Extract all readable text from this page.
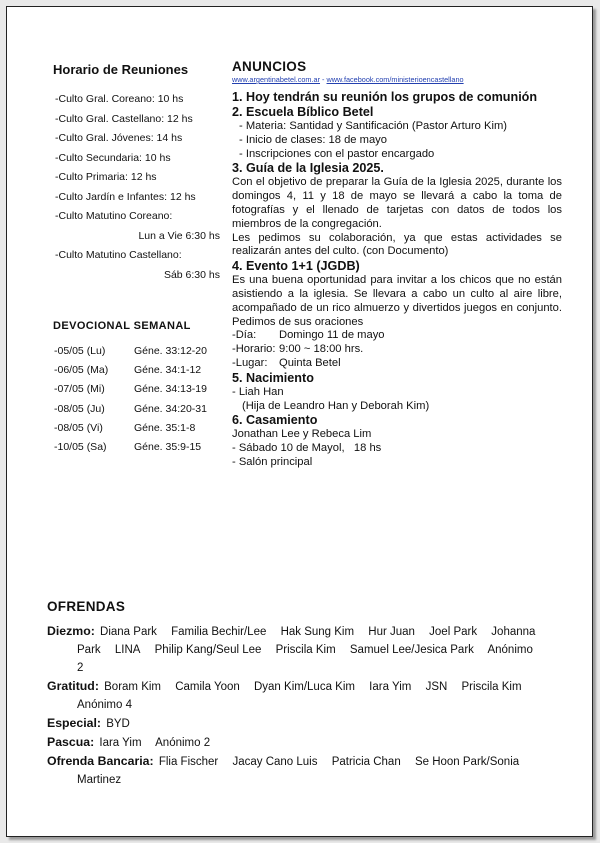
Horario de Reuniones
-Culto Gral. Coreano: 10 hs
-Culto Gral. Castellano: 12 hs
-Culto Gral. Jóvenes: 14 hs
-Culto Secundaria: 10 hs
-Culto Primaria: 12 hs
-Culto Jardín e Infantes: 12 hs
-Culto Matutino Coreano:
Lun a Vie 6:30 hs
-Culto Matutino Castellano:
Sáb 6:30 hs
DEVOCIONAL SEMANAL
-05/05 (Lu)	Géne. 33:12-20
-06/05 (Ma)	Géne. 34:1-12
-07/05 (Mi)	Géne. 34:13-19
-08/05 (Ju)	Géne. 34:20-31
-08/05 (Vi)	Géne. 35:1-8
-10/05 (Sa)	Géne. 35:9-15
ANUNCIOS
www.argentinabetel.com.ar - www.facebook.com/ministerioencastellano
1. Hoy tendrán su reunión los grupos de comunión
2. Escuela Bíblico Betel
- Materia: Santidad y Santificación (Pastor Arturo Kim)
- Inicio de clases: 18 de mayo
- Inscripciones con el pastor encargado
3. Guía de la Iglesia 2025.
Con el objetivo de preparar la Guía de la Iglesia 2025, durante los domingos 4, 11 y 18 de mayo se llevará a cabo la toma de fotografías y el llenado de tarjetas con datos de todos los miembros de la congregación.
Les pedimos su colaboración, ya que estas actividades se realizarán antes del culto. (con Documento)
4. Evento 1+1 (JGDB)
Es una buena oportunidad para invitar a los chicos que no están asistiendo a la iglesia. Se llevara a cabo un culto al aire libre, acompañado de un rico almuerzo y divertidos juegos en conjunto. Pedimos de sus oraciones
-Día: Domingo 11 de mayo
-Horario: 9:00 ~ 18:00 hrs.
-Lugar: Quinta Betel
5. Nacimiento
- Liah Han
(Hija de Leandro Han y Deborah Kim)
6. Casamiento
Jonathan Lee y Rebeca Lim
- Sábado 10 de Mayol,   18 hs
- Salón principal
OFRENDAS
Diezmo: Diana Park Familia Bechir/Lee Hak Sung Kim Hur Juan Joel Park Johanna Park LINA Philip Kang/Seul Lee Priscila Kim Samuel Lee/Jesica Park Anónimo 2
Gratitud: Boram Kim Camila Yoon Dyan Kim/Luca Kim Iara Yim JSN Priscila Kim Anónimo 4
Especial: BYD
Pascua: Iara Yim Anónimo 2
Ofrenda Bancaria: Flia Fischer Jacay Cano Luis Patricia Chan Se Hoon Park/Sonia Martinez
